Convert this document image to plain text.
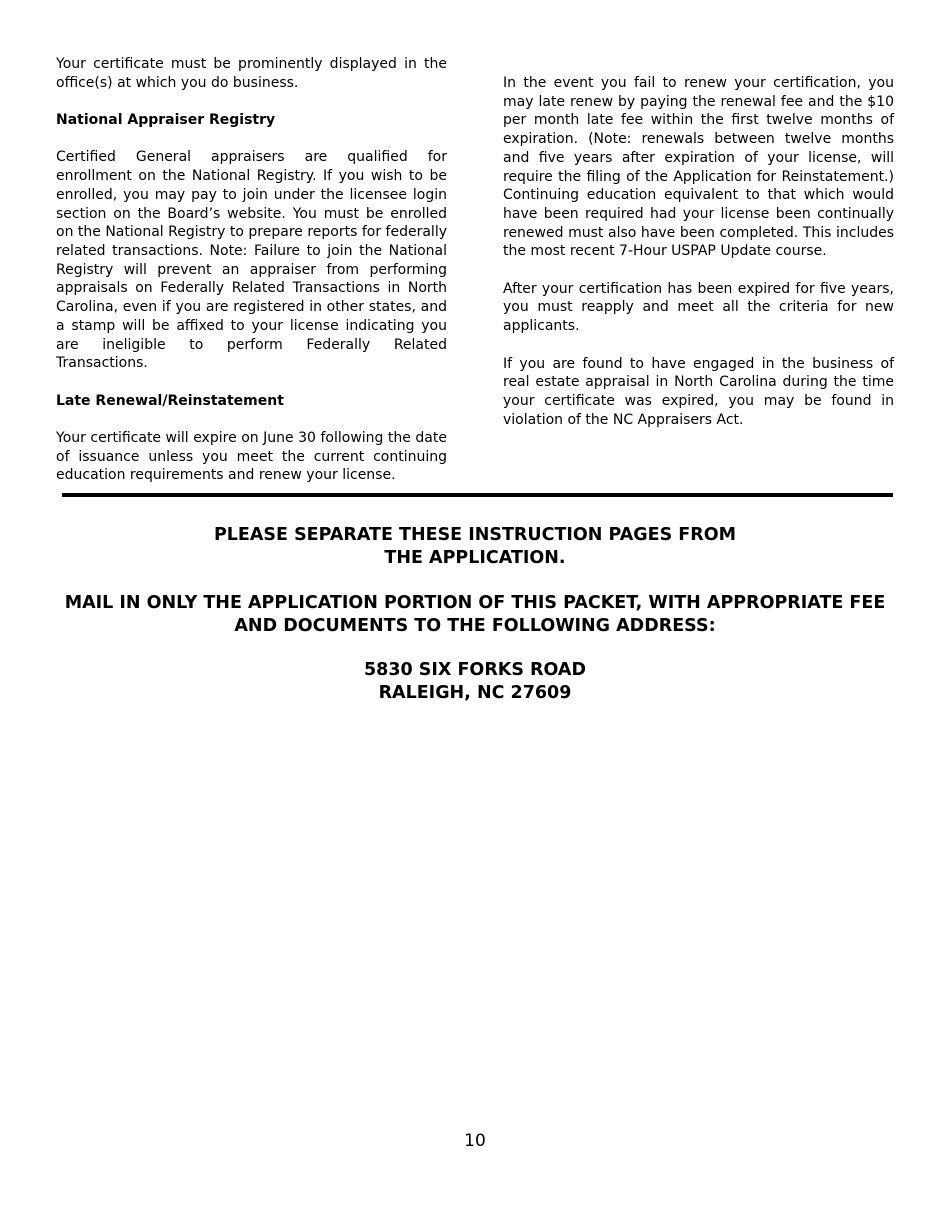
Your certificate must be prominently displayed in the office(s) at which you do business.

National Appraiser Registry

Certified General appraisers are qualified for enrollment on the National Registry. If you wish to be enrolled, you may pay to join under the licensee login section on the Board’s website. You must be enrolled on the National Registry to prepare reports for federally related transactions. Note: Failure to join the National Registry will prevent an appraiser from performing appraisals on Federally Related Transactions in North Carolina, even if you are registered in other states, and a stamp will be affixed to your license indicating you are ineligible to perform Federally Related Transactions.

Late Renewal/Reinstatement

Your certificate will expire on June 30 following the date of issuance unless you meet the current continuing education requirements and renew your license.

In the event you fail to renew your certification, you may late renew by paying the renewal fee and the $10 per month late fee within the first twelve months of expiration. (Note: renewals between twelve months and five years after expiration of your license, will require the filing of the Application for Reinstatement.) Continuing education equivalent to that which would have been required had your license been continually renewed must also have been completed. This includes the most recent 7-Hour USPAP Update course.

After your certification has been expired for five years, you must reapply and meet all the criteria for new applicants.

If you are found to have engaged in the business of real estate appraisal in North Carolina during the time your certificate was expired, you may be found in violation of the NC Appraisers Act.

PLEASE SEPARATE THESE INSTRUCTION PAGES FROM
THE APPLICATION.
MAIL IN ONLY THE APPLICATION PORTION OF THIS PACKET, WITH APPROPRIATE FEE
AND DOCUMENTS TO THE FOLLOWING ADDRESS:
5830 SIX FORKS ROAD
RALEIGH, NC 27609
10
